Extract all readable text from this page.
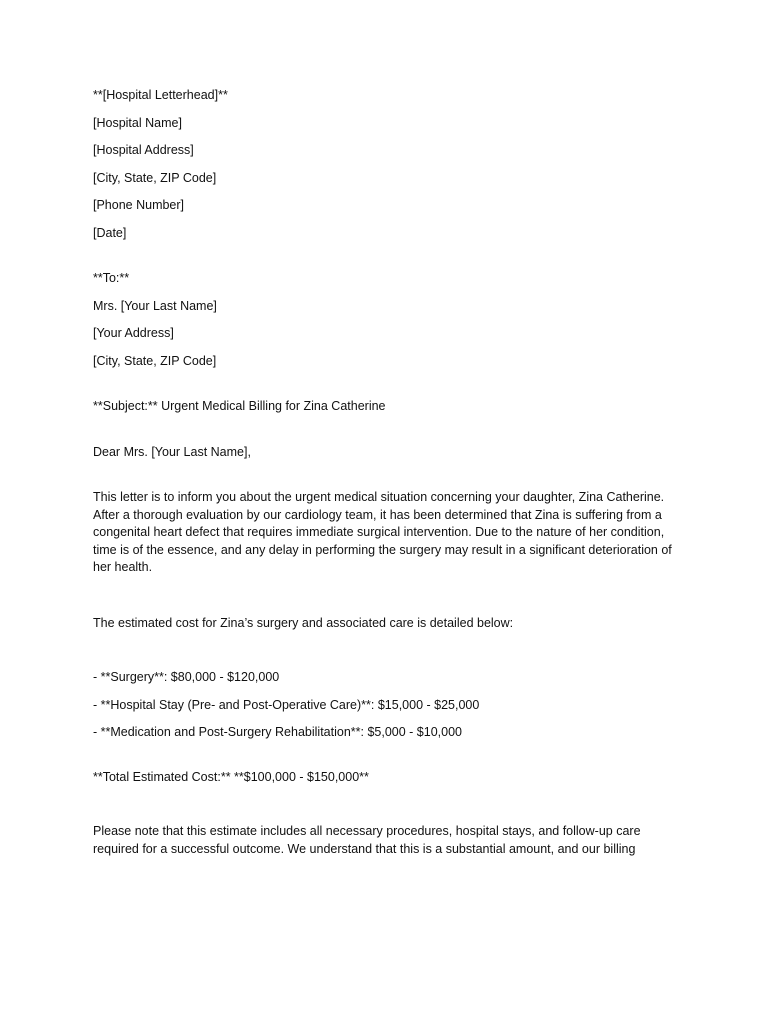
**[Hospital Letterhead]**
[Hospital Name]
[Hospital Address]
[City, State, ZIP Code]
[Phone Number]
[Date]
**To:**
Mrs. [Your Last Name]
[Your Address]
[City, State, ZIP Code]
**Subject:** Urgent Medical Billing for Zina Catherine
Dear Mrs. [Your Last Name],

This letter is to inform you about the urgent medical situation concerning your daughter, Zina Catherine. After a thorough evaluation by our cardiology team, it has been determined that Zina is suffering from a congenital heart defect that requires immediate surgical intervention. Due to the nature of her condition, time is of the essence, and any delay in performing the surgery may result in a significant deterioration of her health.

The estimated cost for Zina’s surgery and associated care is detailed below:
- **Surgery**: $80,000 - $120,000
- **Hospital Stay (Pre- and Post-Operative Care)**: $15,000 - $25,000
- **Medication and Post-Surgery Rehabilitation**: $5,000 - $10,000
**Total Estimated Cost:** **$100,000 - $150,000**

Please note that this estimate includes all necessary procedures, hospital stays, and follow-up care required for a successful outcome. We understand that this is a substantial amount, and our billing
